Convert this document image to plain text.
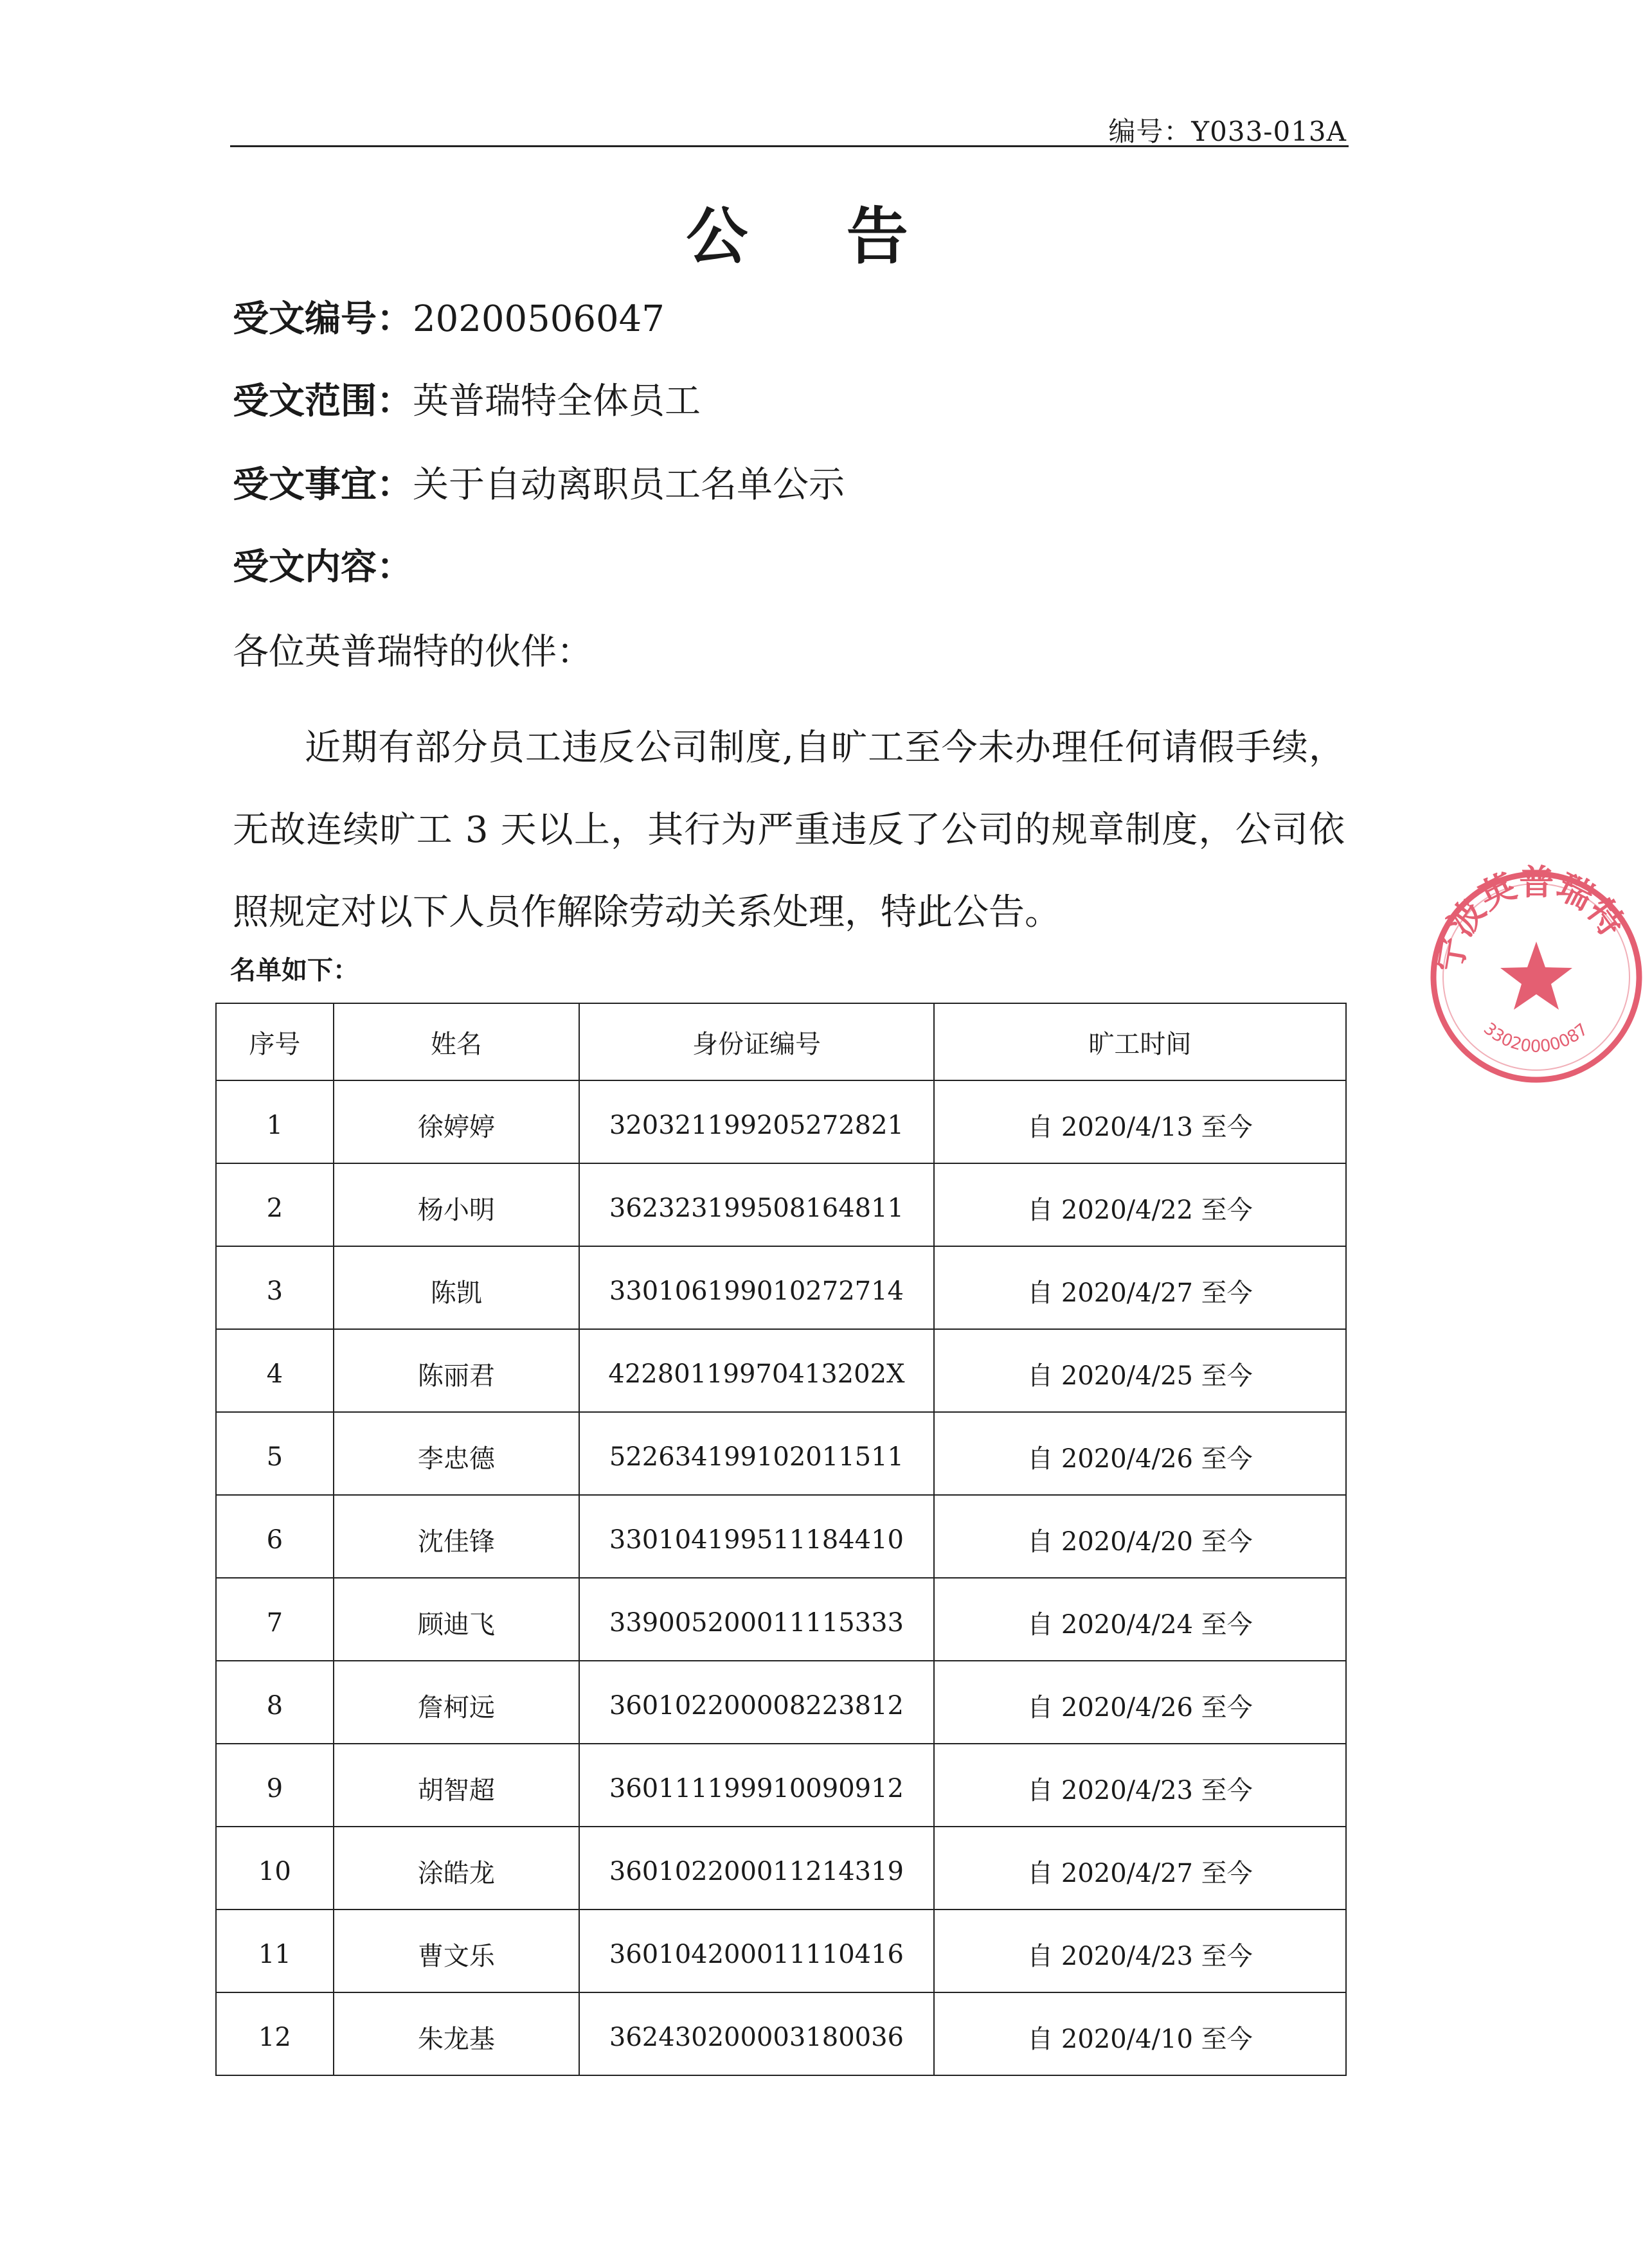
编号：Y033-013A
公 告
受文编号：20200506047
受文范围：英普瑞特全体员工
受文事宜：关于自动离职员工名单公示
受文内容：
各位英普瑞特的伙伴：
近期有部分员工违反公司制度,自旷工至今未办理任何请假手续，无故连续旷工 3 天以上，其行为严重违反了公司的规章制度，公司依照规定对以下人员作解除劳动关系处理，特此公告。
名单如下：
序号	姓名	身份证编号	旷工时间
1	徐婷婷	320321199205272821	自 2020/4/13 至今
2	杨小明	362323199508164811	自 2020/4/22 至今
3	陈凯	330106199010272714	自 2020/4/27 至今
4	陈丽君	42280119970413202X	自 2020/4/25 至今
5	李忠德	522634199102011511	自 2020/4/26 至今
6	沈佳锋	330104199511184410	自 2020/4/20 至今
7	顾迪飞	339005200011115333	自 2020/4/24 至今
8	詹柯远	360102200008223812	自 2020/4/26 至今
9	胡智超	360111199910090912	自 2020/4/23 至今
10	涂皓龙	360102200011214319	自 2020/4/27 至今
11	曹文乐	360104200011110416	自 2020/4/23 至今
12	朱龙基	362430200003180036	自 2020/4/10 至今
宁波英普瑞特
33020000087
